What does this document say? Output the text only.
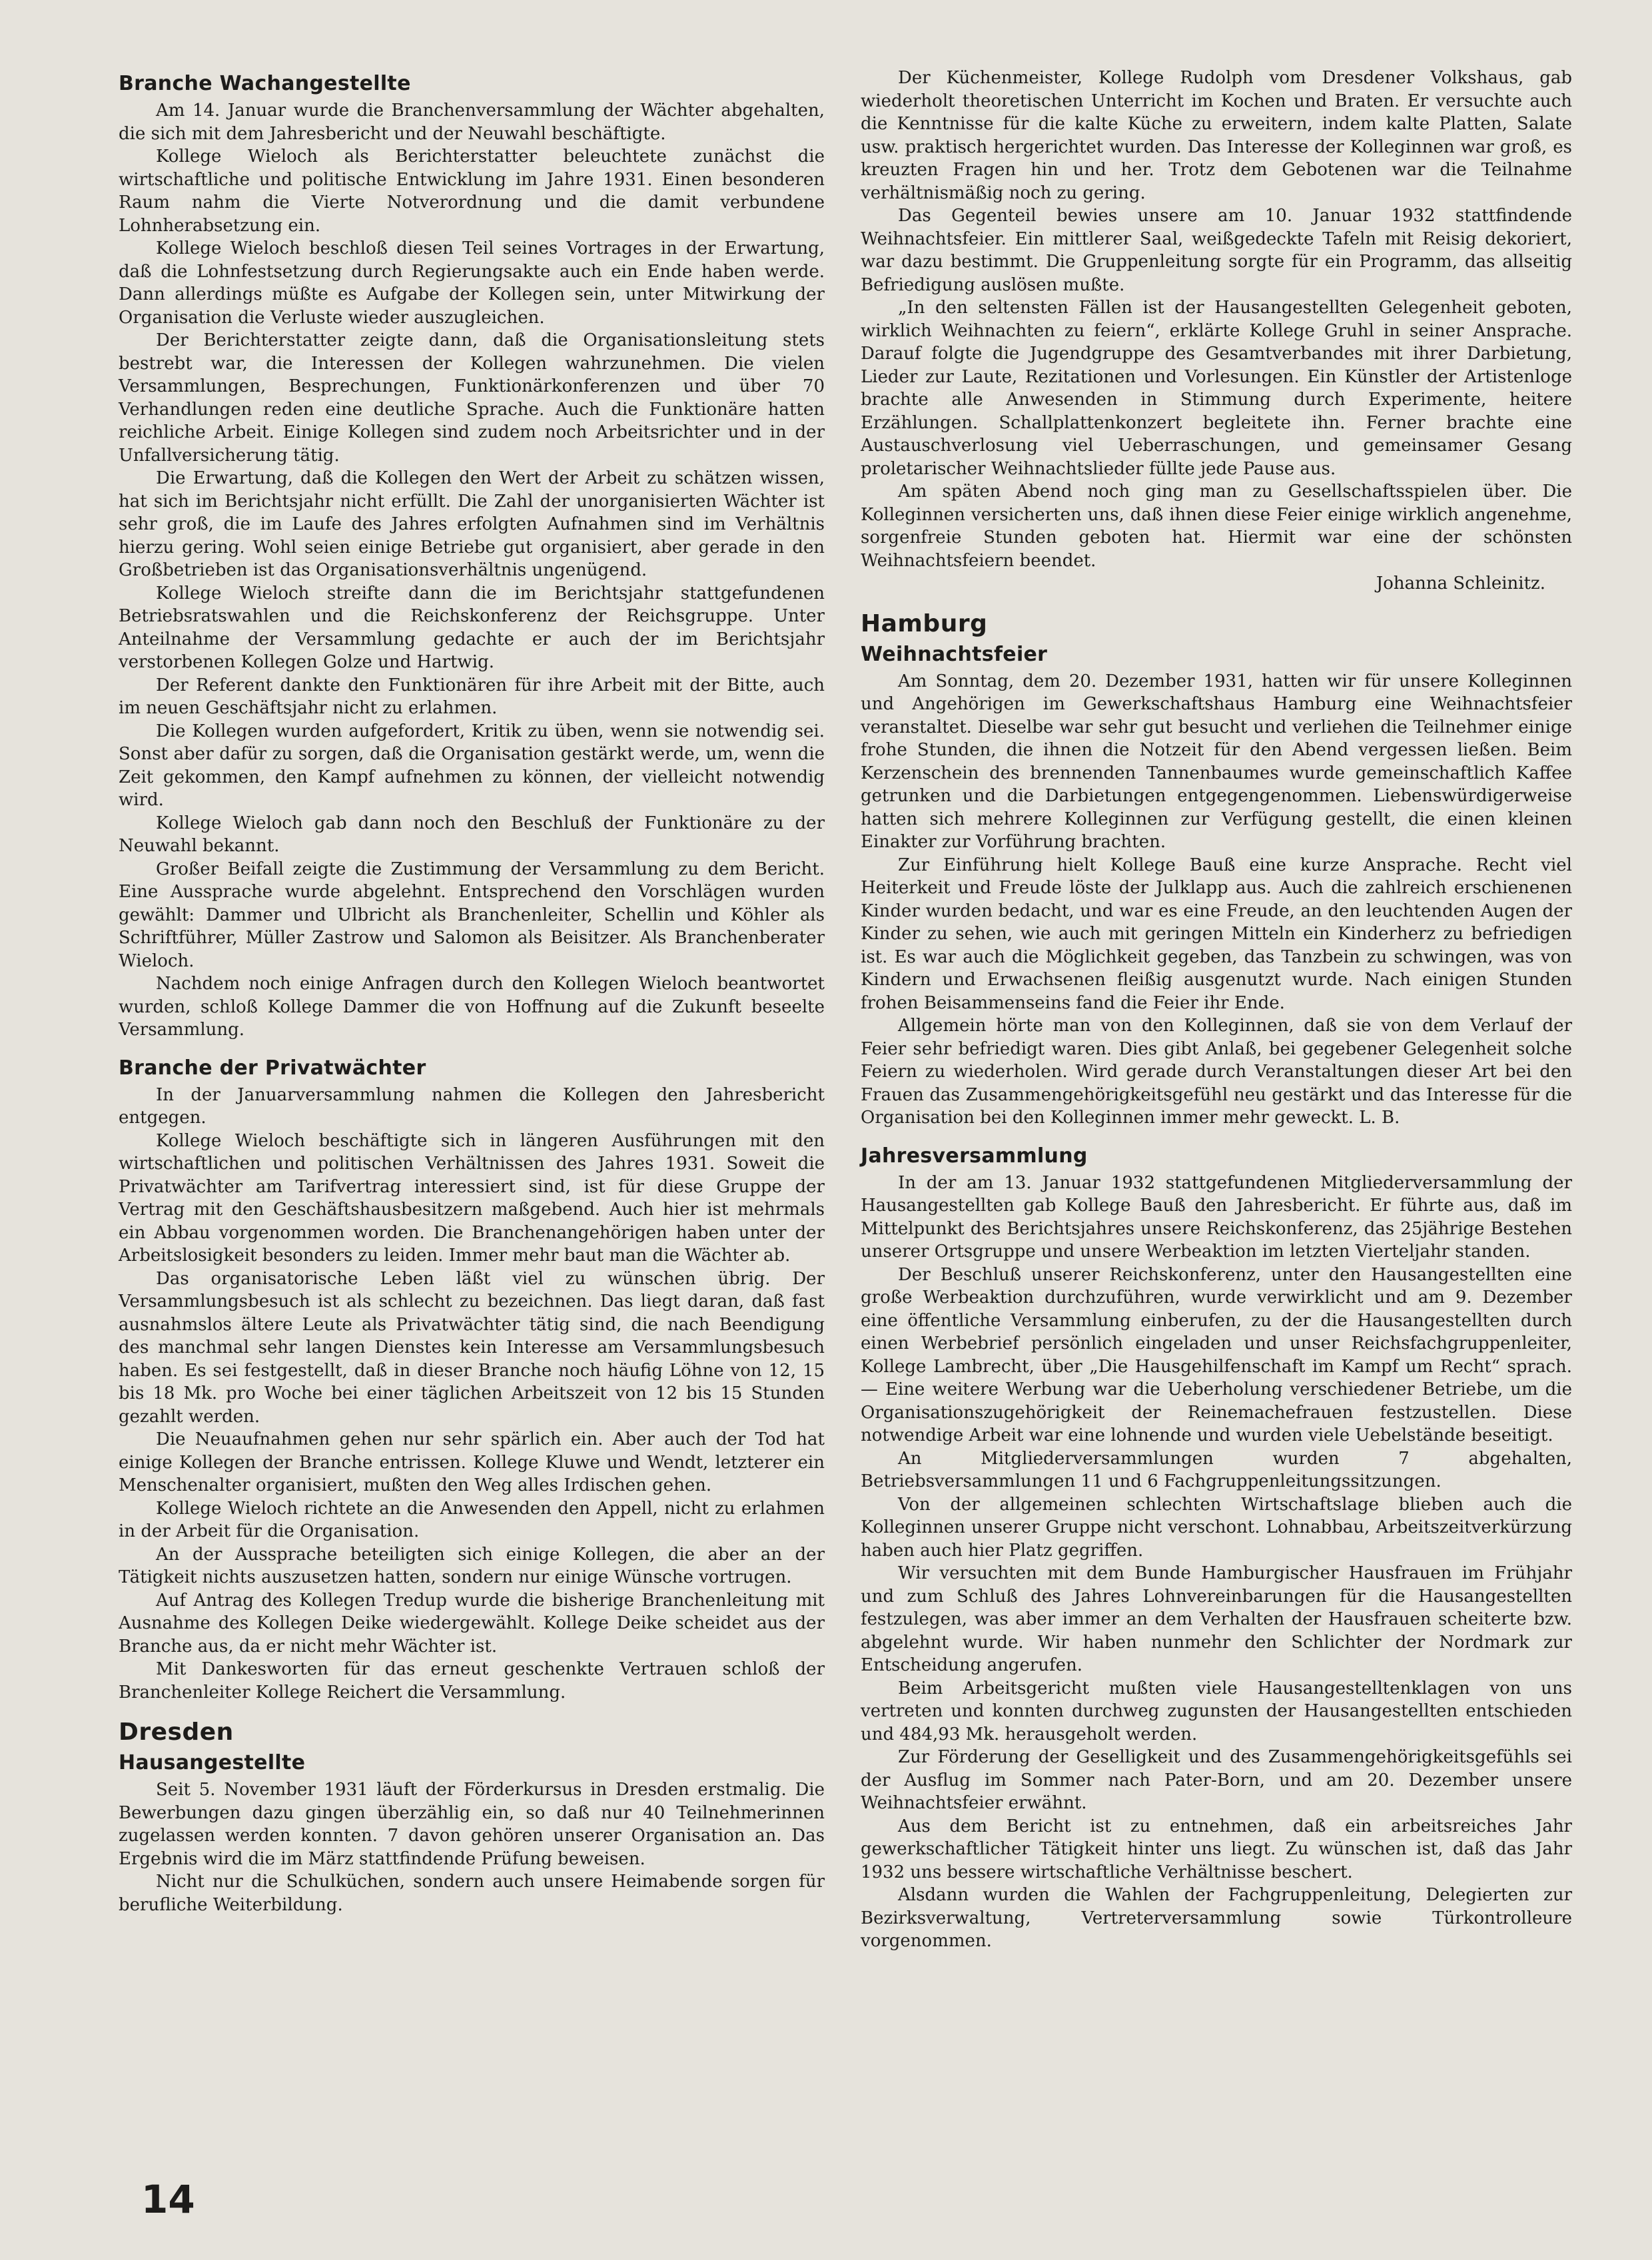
Branche Wachangestellte

Am 14. Januar wurde die Branchenversammlung der Wächter abgehalten, die sich mit dem Jahresbericht und der Neuwahl beschäftigte.

Kollege Wieloch als Berichterstatter beleuchtete zunächst die wirtschaftliche und politische Entwicklung im Jahre 1931. Einen besonderen Raum nahm die Vierte Notverordnung und die damit verbundene Lohnherabsetzung ein.

Kollege Wieloch beschloß diesen Teil seines Vortrages in der Erwartung, daß die Lohnfestsetzung durch Regierungsakte auch ein Ende haben werde. Dann allerdings müßte es Aufgabe der Kollegen sein, unter Mitwirkung der Organisation die Verluste wieder auszugleichen.

Der Berichterstatter zeigte dann, daß die Organisationsleitung stets bestrebt war, die Interessen der Kollegen wahrzunehmen. Die vielen Versammlungen, Besprechungen, Funktionärkonferenzen und über 70 Verhandlungen reden eine deutliche Sprache. Auch die Funktionäre hatten reichliche Arbeit. Einige Kollegen sind zudem noch Arbeitsrichter und in der Unfallversicherung tätig.

Die Erwartung, daß die Kollegen den Wert der Arbeit zu schätzen wissen, hat sich im Berichtsjahr nicht erfüllt. Die Zahl der unorganisierten Wächter ist sehr groß, die im Laufe des Jahres erfolgten Aufnahmen sind im Verhältnis hierzu gering. Wohl seien einige Betriebe gut organisiert, aber gerade in den Großbetrieben ist das Organisationsverhältnis ungenügend.

Kollege Wieloch streifte dann die im Berichtsjahr stattgefundenen Betriebsratswahlen und die Reichskonferenz der Reichsgruppe. Unter Anteilnahme der Versammlung gedachte er auch der im Berichtsjahr verstorbenen Kollegen Golze und Hartwig.

Der Referent dankte den Funktionären für ihre Arbeit mit der Bitte, auch im neuen Geschäftsjahr nicht zu erlahmen.

Die Kollegen wurden aufgefordert, Kritik zu üben, wenn sie notwendig sei. Sonst aber dafür zu sorgen, daß die Organisation gestärkt werde, um, wenn die Zeit gekommen, den Kampf aufnehmen zu können, der vielleicht notwendig wird.

Kollege Wieloch gab dann noch den Beschluß der Funktionäre zu der Neuwahl bekannt.

Großer Beifall zeigte die Zustimmung der Versammlung zu dem Bericht. Eine Aussprache wurde abgelehnt. Entsprechend den Vorschlägen wurden gewählt: Dammer und Ulbricht als Branchenleiter, Schellin und Köhler als Schriftführer, Müller Zastrow und Salomon als Beisitzer. Als Branchenberater Wieloch.

Nachdem noch einige Anfragen durch den Kollegen Wieloch beantwortet wurden, schloß Kollege Dammer die von Hoffnung auf die Zukunft beseelte Versammlung.

Branche der Privatwächter

In der Januarversammlung nahmen die Kollegen den Jahresbericht entgegen.

Kollege Wieloch beschäftigte sich in längeren Ausführungen mit den wirtschaftlichen und politischen Verhältnissen des Jahres 1931. Soweit die Privatwächter am Tarifvertrag interessiert sind, ist für diese Gruppe der Vertrag mit den Geschäftshausbesitzern maßgebend. Auch hier ist mehrmals ein Abbau vorgenommen worden. Die Branchenangehörigen haben unter der Arbeitslosigkeit besonders zu leiden. Immer mehr baut man die Wächter ab.

Das organisatorische Leben läßt viel zu wünschen übrig. Der Versammlungsbesuch ist als schlecht zu bezeichnen. Das liegt daran, daß fast ausnahmslos ältere Leute als Privatwächter tätig sind, die nach Beendigung des manchmal sehr langen Dienstes kein Interesse am Versammlungsbesuch haben. Es sei festgestellt, daß in dieser Branche noch häufig Löhne von 12, 15 bis 18 Mk. pro Woche bei einer täglichen Arbeitszeit von 12 bis 15 Stunden gezahlt werden.

Die Neuaufnahmen gehen nur sehr spärlich ein. Aber auch der Tod hat einige Kollegen der Branche entrissen. Kollege Kluwe und Wendt, letzterer ein Menschenalter organisiert, mußten den Weg alles Irdischen gehen.

Kollege Wieloch richtete an die Anwesenden den Appell, nicht zu erlahmen in der Arbeit für die Organisation.

An der Aussprache beteiligten sich einige Kollegen, die aber an der Tätigkeit nichts auszusetzen hatten, sondern nur einige Wünsche vortrugen.

Auf Antrag des Kollegen Tredup wurde die bisherige Branchenleitung mit Ausnahme des Kollegen Deike wiedergewählt. Kollege Deike scheidet aus der Branche aus, da er nicht mehr Wächter ist.

Mit Dankesworten für das erneut geschenkte Vertrauen schloß der Branchenleiter Kollege Reichert die Versammlung.

Dresden
Hausangestellte

Seit 5. November 1931 läuft der Förderkursus in Dresden erstmalig. Die Bewerbungen dazu gingen überzählig ein, so daß nur 40 Teilnehmerinnen zugelassen werden konnten. 7 davon gehören unserer Organisation an. Das Ergebnis wird die im März stattfindende Prüfung beweisen.

Nicht nur die Schulküchen, sondern auch unsere Heimabende sorgen für berufliche Weiterbildung.

Der Küchenmeister, Kollege Rudolph vom Dresdener Volkshaus, gab wiederholt theoretischen Unterricht im Kochen und Braten. Er versuchte auch die Kenntnisse für die kalte Küche zu erweitern, indem kalte Platten, Salate usw. praktisch hergerichtet wurden. Das Interesse der Kolleginnen war groß, es kreuzten Fragen hin und her. Trotz dem Gebotenen war die Teilnahme verhältnismäßig noch zu gering.

Das Gegenteil bewies unsere am 10. Januar 1932 stattfindende Weihnachtsfeier. Ein mittlerer Saal, weißgedeckte Tafeln mit Reisig dekoriert, war dazu bestimmt. Die Gruppenleitung sorgte für ein Programm, das allseitig Befriedigung auslösen mußte.

„In den seltensten Fällen ist der Hausangestellten Gelegenheit geboten, wirklich Weihnachten zu feiern“, erklärte Kollege Gruhl in seiner Ansprache. Darauf folgte die Jugendgruppe des Gesamtverbandes mit ihrer Darbietung, Lieder zur Laute, Rezitationen und Vorlesungen. Ein Künstler der Artistenloge brachte alle Anwesenden in Stimmung durch Experimente, heitere Erzählungen. Schallplattenkonzert begleitete ihn. Ferner brachte eine Austauschverlosung viel Ueberraschungen, und gemeinsamer Gesang proletarischer Weihnachtslieder füllte jede Pause aus.

Am späten Abend noch ging man zu Gesellschaftsspielen über. Die Kolleginnen versicherten uns, daß ihnen diese Feier einige wirklich angenehme, sorgenfreie Stunden geboten hat. Hiermit war eine der schönsten Weihnachtsfeiern beendet.

Johanna Schleinitz.

Hamburg
Weihnachtsfeier

Am Sonntag, dem 20. Dezember 1931, hatten wir für unsere Kolleginnen und Angehörigen im Gewerkschaftshaus Hamburg eine Weihnachtsfeier veranstaltet. Dieselbe war sehr gut besucht und verliehen die Teilnehmer einige frohe Stunden, die ihnen die Notzeit für den Abend vergessen ließen. Beim Kerzenschein des brennenden Tannenbaumes wurde gemeinschaftlich Kaffee getrunken und die Darbietungen entgegengenommen. Liebenswürdigerweise hatten sich mehrere Kolleginnen zur Verfügung gestellt, die einen kleinen Einakter zur Vorführung brachten.

Zur Einführung hielt Kollege Bauß eine kurze Ansprache. Recht viel Heiterkeit und Freude löste der Julklapp aus. Auch die zahlreich erschienenen Kinder wurden bedacht, und war es eine Freude, an den leuchtenden Augen der Kinder zu sehen, wie auch mit geringen Mitteln ein Kinderherz zu befriedigen ist. Es war auch die Möglichkeit gegeben, das Tanzbein zu schwingen, was von Kindern und Erwachsenen fleißig ausgenutzt wurde. Nach einigen Stunden frohen Beisammenseins fand die Feier ihr Ende.

Allgemein hörte man von den Kolleginnen, daß sie von dem Verlauf der Feier sehr befriedigt waren. Dies gibt Anlaß, bei gegebener Gelegenheit solche Feiern zu wiederholen. Wird gerade durch Veranstaltungen dieser Art bei den Frauen das Zusammengehörigkeitsgefühl neu gestärkt und das Interesse für die Organisation bei den Kolleginnen immer mehr geweckt. L. B.

Jahresversammlung

In der am 13. Januar 1932 stattgefundenen Mitgliederversammlung der Hausangestellten gab Kollege Bauß den Jahresbericht. Er führte aus, daß im Mittelpunkt des Berichtsjahres unsere Reichskonferenz, das 25jährige Bestehen unserer Ortsgruppe und unsere Werbeaktion im letzten Vierteljahr standen.

Der Beschluß unserer Reichskonferenz, unter den Hausangestellten eine große Werbeaktion durchzuführen, wurde verwirklicht und am 9. Dezember eine öffentliche Versammlung einberufen, zu der die Hausangestellten durch einen Werbebrief persönlich eingeladen und unser Reichsfachgruppenleiter, Kollege Lambrecht, über „Die Hausgehilfenschaft im Kampf um Recht“ sprach. — Eine weitere Werbung war die Ueberholung verschiedener Betriebe, um die Organisationszugehörigkeit der Reinemachefrauen festzustellen. Diese notwendige Arbeit war eine lohnende und wurden viele Uebelstände beseitigt.

An Mitgliederversammlungen wurden 7 abgehalten, Betriebsversammlungen 11 und 6 Fachgruppenleitungssitzungen.

Von der allgemeinen schlechten Wirtschaftslage blieben auch die Kolleginnen unserer Gruppe nicht verschont. Lohnabbau, Arbeitszeitverkürzung haben auch hier Platz gegriffen.

Wir versuchten mit dem Bunde Hamburgischer Hausfrauen im Frühjahr und zum Schluß des Jahres Lohnvereinbarungen für die Hausangestellten festzulegen, was aber immer an dem Verhalten der Hausfrauen scheiterte bzw. abgelehnt wurde. Wir haben nunmehr den Schlichter der Nordmark zur Entscheidung angerufen.

Beim Arbeitsgericht mußten viele Hausangestelltenklagen von uns vertreten und konnten durchweg zugunsten der Hausangestellten entschieden und 484,93 Mk. herausgeholt werden.

Zur Förderung der Geselligkeit und des Zusammengehörigkeitsgefühls sei der Ausflug im Sommer nach Pater-Born, und am 20. Dezember unsere Weihnachtsfeier erwähnt.

Aus dem Bericht ist zu entnehmen, daß ein arbeitsreiches Jahr gewerkschaftlicher Tätigkeit hinter uns liegt. Zu wünschen ist, daß das Jahr 1932 uns bessere wirtschaftliche Verhältnisse beschert.

Alsdann wurden die Wahlen der Fachgruppenleitung, Delegierten zur Bezirksverwaltung, Vertreterversammlung sowie Türkontrolleure vorgenommen.

14
